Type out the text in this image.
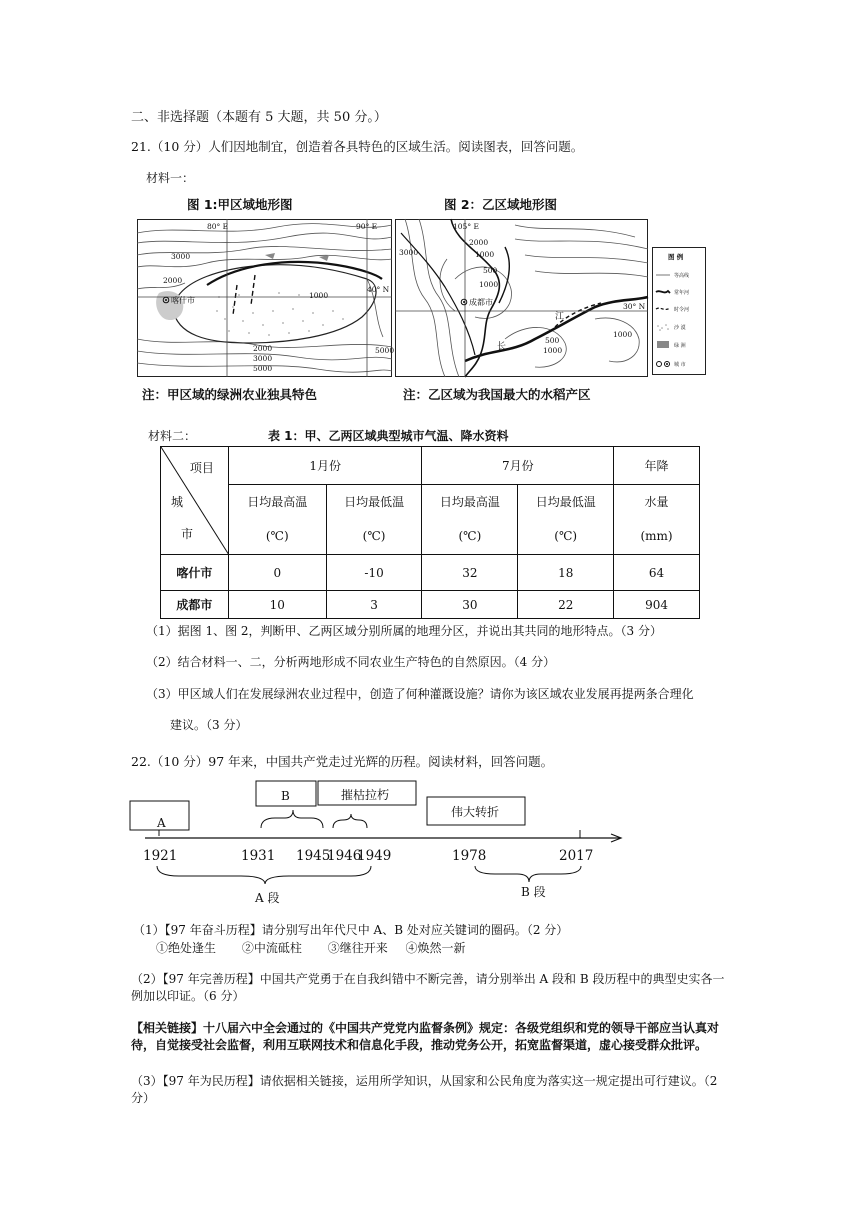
二、非选择题（本题有 5 大题，共 50 分。）
21.（10 分）人们因地制宜，创造着各具特色的区域生活。阅读图表，回答问题。
材料一：
图 1:甲区域地形图	图 2：乙区域地形图
80° E	90° E
40° N
3000
2000
1000
2000
3000
5000
5000
喀什市
105° E
30° N
3000
2000
1000
500
1000
500
1000
1000
成都市
江
长
图 例
等高线
常年河
时令河
沙 漠
绿 洲
城 市
注：甲区域的绿洲农业独具特色	注：乙区域为我国最大的水稻产区
材料二：	表 1：甲、乙两区域典型城市气温、降水资料
项目
城
市	1月份		7月份		年降
	日均最高温	日均最低温	日均最高温	日均最低温	水量
	(℃)	(℃)	(℃)	(℃)	(mm)
喀什市	0	-10	32	18	64
成都市	10	3	30	22	904
（1）据图 1、图 2，判断甲、乙两区域分别所属的地理分区，并说出其共同的地形特点。（3 分）
（2）结合材料一、二，分析两地形成不同农业生产特色的自然原因。（4 分）
（3）甲区域人们在发展绿洲农业过程中，创造了何种灌溉设施？请你为该区域农业发展再提两条合理化
建议。（3 分）
22.（10 分）97 年来，中国共产党走过光辉的历程。阅读材料，回答问题。
A
B	摧枯拉朽
伟大转折
1921	1931 1945
1946
1949	1978	2017
A 段	B 段
（1）【97 年奋斗历程】请分别写出年代尺中 A、B 处对应关键词的圈码。（2 分）
①绝处逢生 ②中流砥柱 ③继往开来 ④焕然一新
（2）【97 年完善历程】中国共产党勇于在自我纠错中不断完善，请分别举出 A 段和 B 段历程中的典型史实各一例加以印证。（6 分）
【相关链接】十八届六中全会通过的《中国共产党党内监督条例》规定：各级党组织和党的领导干部应当认真对待，自觉接受社会监督，利用互联网技术和信息化手段，推动党务公开，拓宽监督渠道，虚心接受群众批评。
（3）【97 年为民历程】请依据相关链接，运用所学知识，从国家和公民角度为落实这一规定提出可行建议。（2 分）
